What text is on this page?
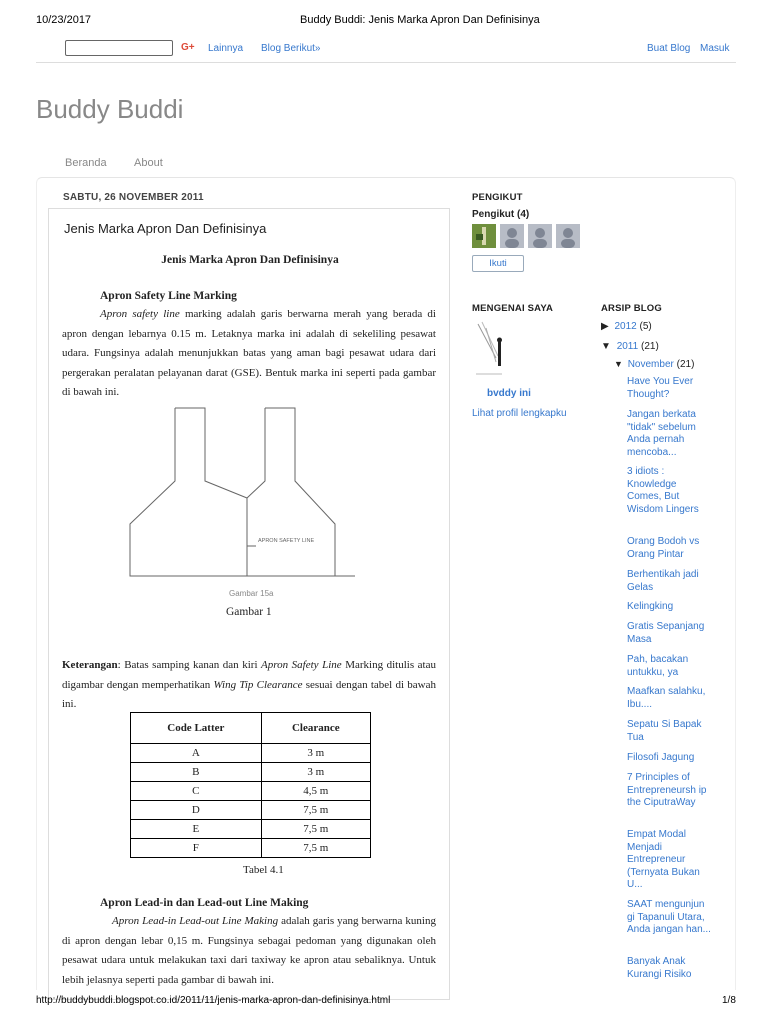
10/23/2017	Buddy Buddi: Jenis Marka Apron Dan Definisinya
G+ Lainnya Blog Berikut»	Buat Blog Masuk
Buddy Buddi
Beranda About
SABTU, 26 NOVEMBER 2011
Jenis Marka Apron Dan Definisinya
Jenis Marka Apron Dan Definisinya
Apron Safety Line Marking
Apron safety line marking adalah garis berwarna merah yang berada di apron dengan lebarnya 0.15 m. Letaknya marka ini adalah di sekeliling pesawat udara. Fungsinya adalah menunjukkan batas yang aman bagi pesawat udara dari pergerakan peralatan pelayanan darat (GSE). Bentuk marka ini seperti pada gambar di bawah ini.
APRON SAFETY LINE
Gambar 15a
Gambar 1
Keterangan: Batas samping kanan dan kiri Apron Safety Line Marking ditulis atau digambar dengan memperhatikan Wing Tip Clearance sesuai dengan tabel di bawah ini.
Code Latter	Clearance
A	3 m
B	3 m
C	4,5 m
D	7,5 m
E	7,5 m
F	7,5 m
Tabel 4.1
Apron Lead-in dan Lead-out Line Making
Apron Lead-in Lead-out Line Making adalah garis yang berwarna kuning di apron dengan lebar 0,15 m. Fungsinya sebagai pedoman yang digunakan oleh pesawat udara untuk melakukan taxi dari taxiway ke apron atau sebaliknya. Untuk lebih jelasnya seperti pada gambar di bawah ini.
PENGIKUT
Pengikut (4)
Ikuti
MENGENAI SAYA
bvddy ini
Lihat profil lengkapku
ARSIP BLOG
▶ 2012 (5)
▼ 2011 (21)
▼ November (21)
Have You Ever Thought?
Jangan berkata "tidak" sebelum Anda pernah mencoba...
3 idiots : Knowledge Comes, But Wisdom Lingers
Orang Bodoh vs Orang Pintar
Berhentikah jadi Gelas
Kelingking
Gratis Sepanjang Masa
Pah, bacakan untukku, ya
Maafkan salahku, Ibu....
Sepatu Si Bapak Tua
Filosofi Jagung
7 Principles of Entrepreneursh ip the CiputraWay
Empat Modal Menjadi Entrepreneur (Ternyata Bukan U...
SAAT mengunjun gi Tapanuli Utara, Anda jangan han...
Banyak Anak Kurangi Risiko
http://buddybuddi.blogspot.co.id/2011/11/jenis-marka-apron-dan-definisinya.html	1/8
